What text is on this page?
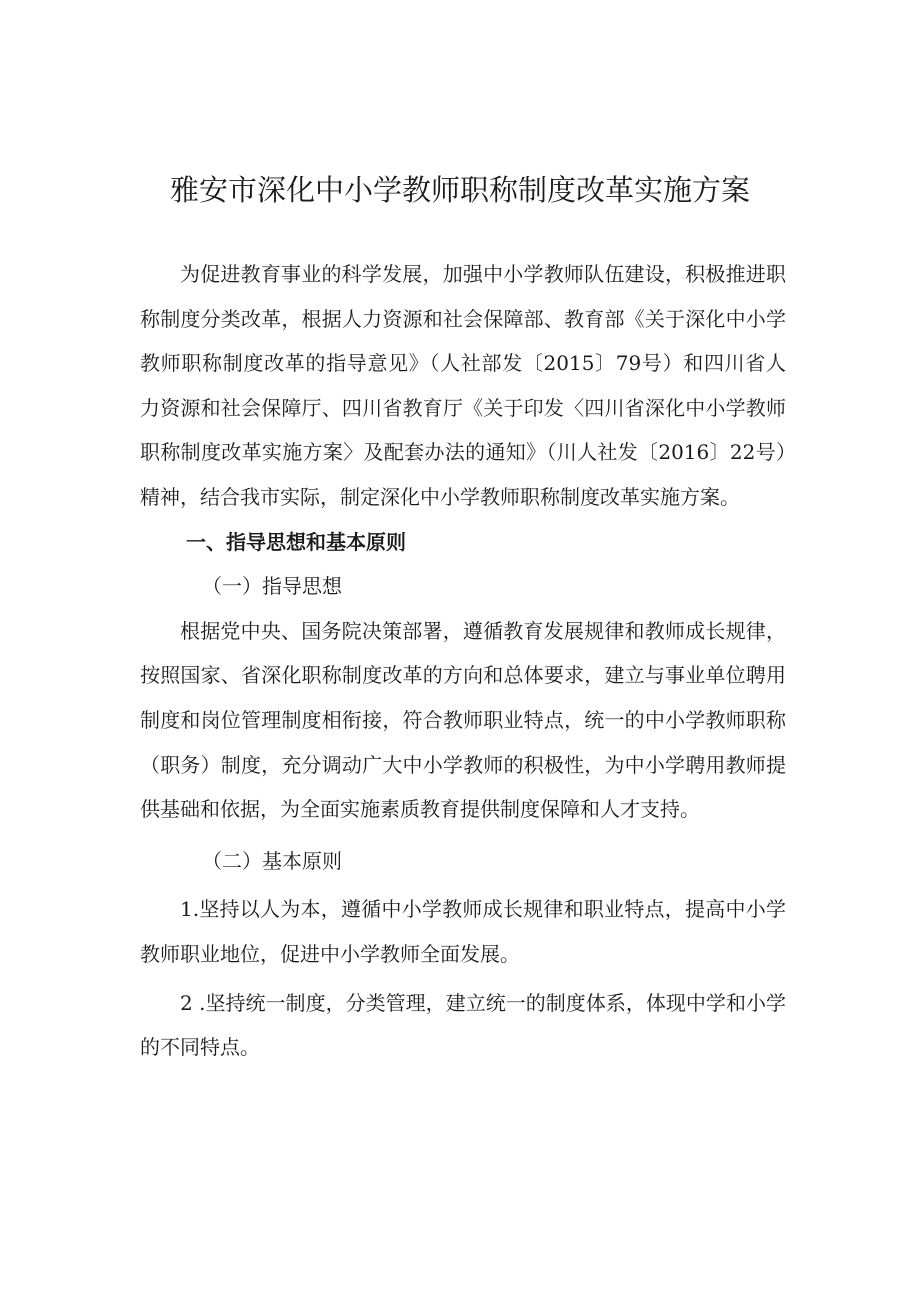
雅安市深化中小学教师职称制度改革实施方案

为促进教育事业的科学发展，加强中小学教师队伍建设，积极推进职称制度分类改革，根据人力资源和社会保障部、教育部《关于深化中小学教师职称制度改革的指导意见》（人社部发〔2015〕79号）和四川省人力资源和社会保障厅、四川省教育厅《关于印发〈四川省深化中小学教师职称制度改革实施方案〉及配套办法的通知》（川人社发〔2016〕22号）精神，结合我市实际，制定深化中小学教师职称制度改革实施方案。

一、指导思想和基本原则

（一）指导思想

根据党中央、国务院决策部署，遵循教育发展规律和教师成长规律，按照国家、省深化职称制度改革的方向和总体要求，建立与事业单位聘用制度和岗位管理制度相衔接，符合教师职业特点，统一的中小学教师职称（职务）制度，充分调动广大中小学教师的积极性，为中小学聘用教师提供基础和依据，为全面实施素质教育提供制度保障和人才支持。

（二）基本原则

1.坚持以人为本，遵循中小学教师成长规律和职业特点，提高中小学教师职业地位，促进中小学教师全面发展。

2 .坚持统一制度，分类管理，建立统一的制度体系，体现中学和小学的不同特点。
